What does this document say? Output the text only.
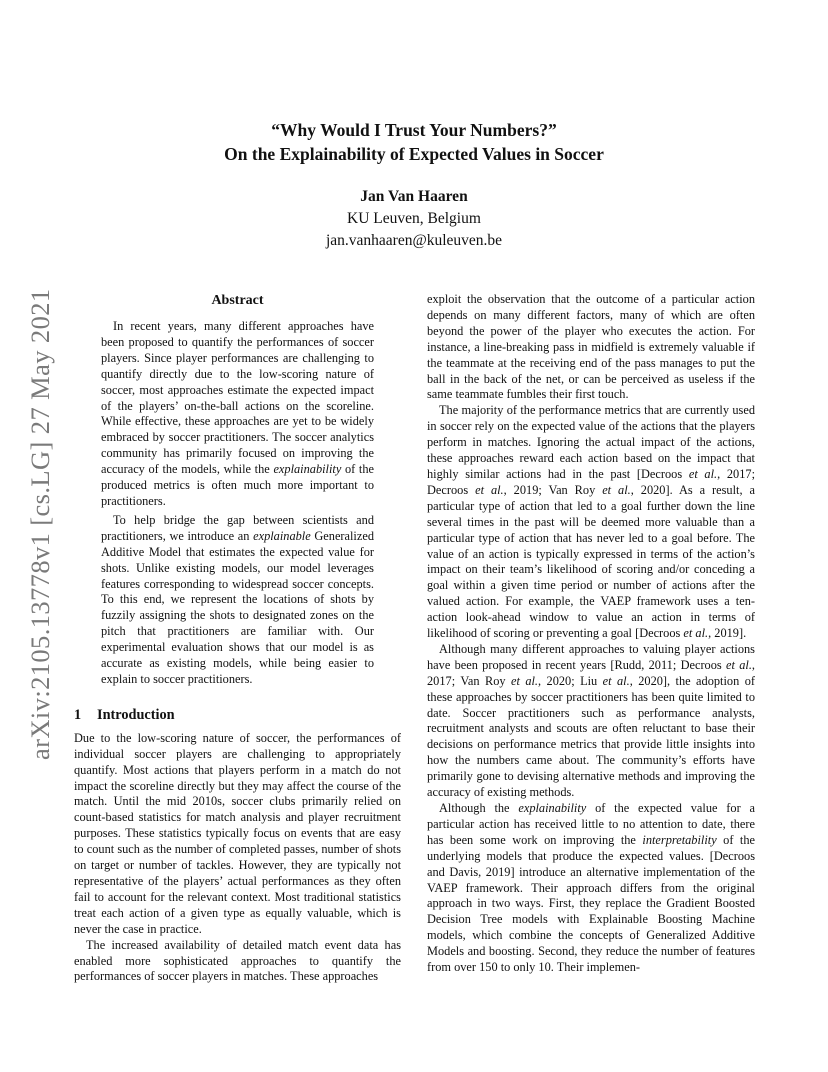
arXiv:2105.13778v1 [cs.LG] 27 May 2021
“Why Would I Trust Your Numbers?”
On the Explainability of Expected Values in Soccer
Jan Van Haaren
KU Leuven, Belgium
jan.vanhaaren@kuleuven.be
Abstract

In recent years, many different approaches have been proposed to quantify the performances of soccer players. Since player performances are challenging to quantify directly due to the low-scoring nature of soccer, most approaches estimate the expected impact of the players’ on-the-ball actions on the scoreline. While effective, these approaches are yet to be widely embraced by soccer practitioners. The soccer analytics community has primarily focused on improving the accuracy of the models, while the explainability of the produced metrics is often much more important to practitioners.

To help bridge the gap between scientists and practitioners, we introduce an explainable Generalized Additive Model that estimates the expected value for shots. Unlike existing models, our model leverages features corresponding to widespread soccer concepts. To this end, we represent the locations of shots by fuzzily assigning the shots to designated zones on the pitch that practitioners are familiar with. Our experimental evaluation shows that our model is as accurate as existing models, while being easier to explain to soccer practitioners.

1 Introduction

Due to the low-scoring nature of soccer, the performances of individual soccer players are challenging to appropriately quantify. Most actions that players perform in a match do not impact the scoreline directly but they may affect the course of the match. Until the mid 2010s, soccer clubs primarily relied on count-based statistics for match analysis and player recruitment purposes. These statistics typically focus on events that are easy to count such as the number of completed passes, number of shots on target or number of tackles. However, they are typically not representative of the players’ actual performances as they often fail to account for the relevant context. Most traditional statistics treat each action of a given type as equally valuable, which is never the case in practice.

The increased availability of detailed match event data has enabled more sophisticated approaches to quantify the performances of soccer players in matches. These approaches

exploit the observation that the outcome of a particular action depends on many different factors, many of which are often beyond the power of the player who executes the action. For instance, a line-breaking pass in midfield is extremely valuable if the teammate at the receiving end of the pass manages to put the ball in the back of the net, or can be perceived as useless if the same teammate fumbles their first touch.

The majority of the performance metrics that are currently used in soccer rely on the expected value of the actions that the players perform in matches. Ignoring the actual impact of the actions, these approaches reward each action based on the impact that highly similar actions had in the past [Decroos et al., 2017; Decroos et al., 2019; Van Roy et al., 2020]. As a result, a particular type of action that led to a goal further down the line several times in the past will be deemed more valuable than a particular type of action that has never led to a goal before. The value of an action is typically expressed in terms of the action’s impact on their team’s likelihood of scoring and/or conceding a goal within a given time period or number of actions after the valued action. For example, the VAEP framework uses a ten-action look-ahead window to value an action in terms of likelihood of scoring or preventing a goal [Decroos et al., 2019].

Although many different approaches to valuing player actions have been proposed in recent years [Rudd, 2011; Decroos et al., 2017; Van Roy et al., 2020; Liu et al., 2020], the adoption of these approaches by soccer practitioners has been quite limited to date. Soccer practitioners such as performance analysts, recruitment analysts and scouts are often reluctant to base their decisions on performance metrics that provide little insights into how the numbers came about. The community’s efforts have primarily gone to devising alternative methods and improving the accuracy of existing methods.

Although the explainability of the expected value for a particular action has received little to no attention to date, there has been some work on improving the interpretability of the underlying models that produce the expected values. [Decroos and Davis, 2019] introduce an alternative implementation of the VAEP framework. Their approach differs from the original approach in two ways. First, they replace the Gradient Boosted Decision Tree models with Explainable Boosting Machine models, which combine the concepts of Generalized Additive Models and boosting. Second, they reduce the number of features from over 150 to only 10. Their implemen-
